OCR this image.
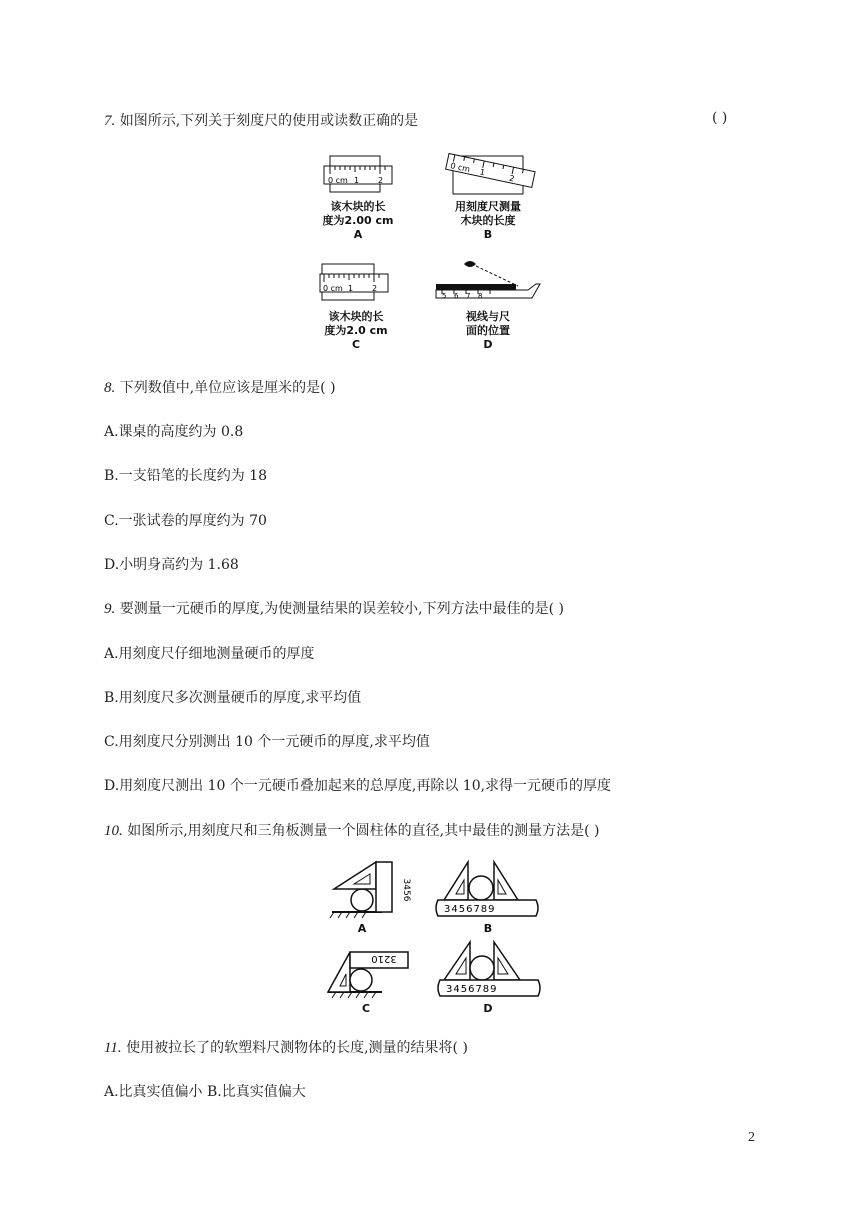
7. 如图所示,下列关于刻度尺的使用或读数正确的是	( )
0 cm 1 2
该木块的长
度为2.00 cm
A
0 cm 1
2
用刻度尺测量
木块的长度
B
0 cm 1 2
该木块的长
度为2.0 cm
C
5 6 7 8
视线与尺
面的位置
D
8. 下列数值中,单位应该是厘米的是( )
A.课桌的高度约为 0.8
B.一支铅笔的长度约为 18
C.一张试卷的厚度约为 70
D.小明身高约为 1.68
9. 要测量一元硬币的厚度,为使测量结果的误差较小,下列方法中最佳的是( )
A.用刻度尺仔细地测量硬币的厚度
B.用刻度尺多次测量硬币的厚度,求平均值
C.用刻度尺分别测出 10 个一元硬币的厚度,求平均值
D.用刻度尺测出 10 个一元硬币叠加起来的总厚度,再除以 10,求得一元硬币的厚度
10. 如图所示,用刻度尺和三角板测量一个圆柱体的直径,其中最佳的测量方法是( )
3456
A
3456789
B
3210
C
3456789
D
11. 使用被拉长了的软塑料尺测物体的长度,测量的结果将( )
A.比真实值偏小 B.比真实值偏大
2
